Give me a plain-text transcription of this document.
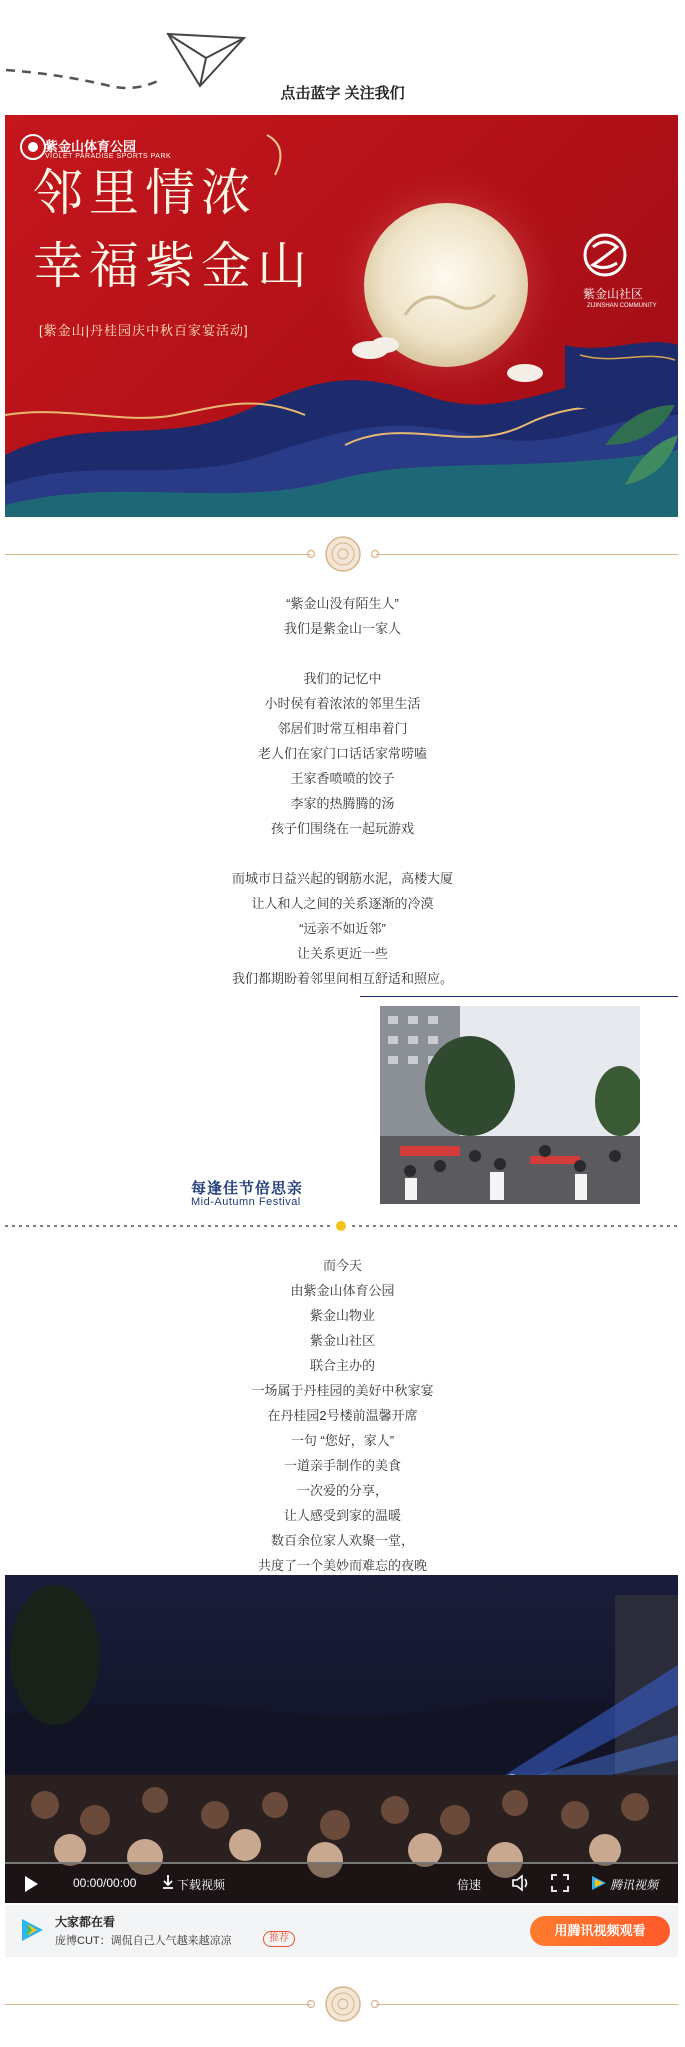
点击蓝字 关注我们
紫金山体育公园
VIOLET PARADISE SPORTS PARK
邻里情浓
幸福紫金山
[紫金山|丹桂园庆中秋百家宴活动]
紫金山社区
ZIJINSHAN COMMUNITY
“紫金山没有陌生人”
我们是紫金山一家人
我们的记忆中
小时侯有着浓浓的邻里生活
邻居们时常互相串着门
老人们在家门口话话家常唠嗑
王家香喷喷的饺子
李家的热腾腾的汤
孩子们围绕在一起玩游戏
而城市日益兴起的钢筋水泥，高楼大厦
让人和人之间的关系逐渐的冷漠
“远亲不如近邻”
让关系更近一些
我们都期盼着邻里间相互舒适和照应。
每逢佳节倍思亲
Mid-Autumn Festival
而今天
由紫金山体育公园
紫金山物业
紫金山社区
联合主办的
一场属于丹桂园的美好中秋家宴
在丹桂园2号楼前温馨开席
一句 “您好，家人”
一道亲手制作的美食
一次爱的分享，
让人感受到家的温暖
数百余位家人欢聚一堂，
共度了一个美妙而难忘的夜晚
00:00/00:00	下载视频	倍速	腾讯视频
大家都在看
庞博CUT：调侃自己人气越来越凉凉	推荐
用腾讯视频观看
